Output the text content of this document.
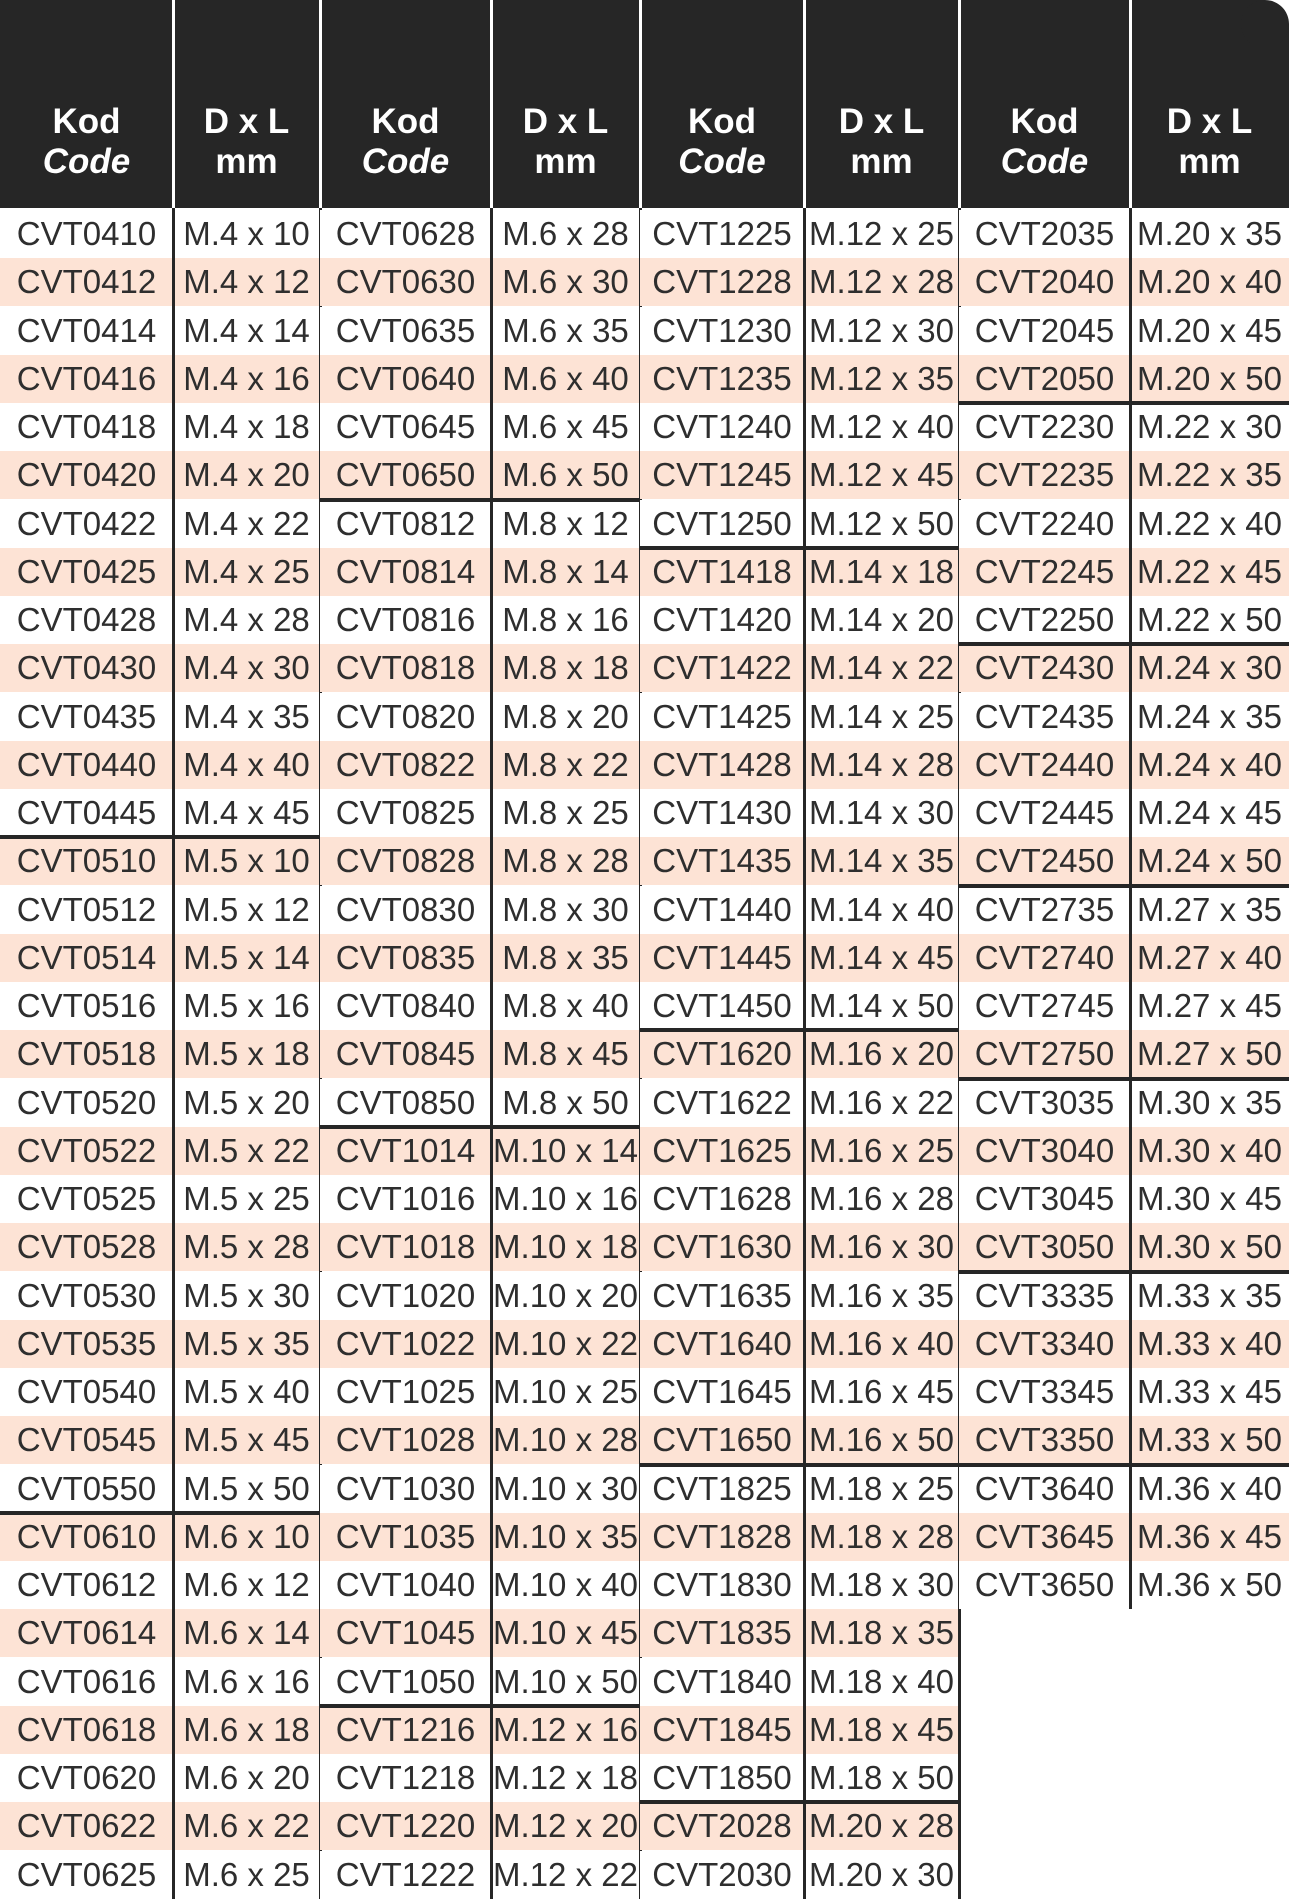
Kod
Code
D x L
mm
Kod
Code
D x L
mm
Kod
Code
D x L
mm
Kod
Code
D x L
mm
CVT0410 M.4 x 10
CVT0412 M.4 x 12
CVT0414 M.4 x 14
CVT0416 M.4 x 16
CVT0418 M.4 x 18
CVT0420 M.4 x 20
CVT0422 M.4 x 22
CVT0425 M.4 x 25
CVT0428 M.4 x 28
CVT0430 M.4 x 30
CVT0435 M.4 x 35
CVT0440 M.4 x 40
CVT0445 M.4 x 45
CVT0510 M.5 x 10
CVT0512 M.5 x 12
CVT0514 M.5 x 14
CVT0516 M.5 x 16
CVT0518 M.5 x 18
CVT0520 M.5 x 20
CVT0522 M.5 x 22
CVT0525 M.5 x 25
CVT0528 M.5 x 28
CVT0530 M.5 x 30
CVT0535 M.5 x 35
CVT0540 M.5 x 40
CVT0545 M.5 x 45
CVT0550 M.5 x 50
CVT0610 M.6 x 10
CVT0612 M.6 x 12
CVT0614 M.6 x 14
CVT0616 M.6 x 16
CVT0618 M.6 x 18
CVT0620 M.6 x 20
CVT0622 M.6 x 22
CVT0625 M.6 x 25
CVT0628 M.6 x 28
CVT0630 M.6 x 30
CVT0635 M.6 x 35
CVT0640 M.6 x 40
CVT0645 M.6 x 45
CVT0650 M.6 x 50
CVT0812 M.8 x 12
CVT0814 M.8 x 14
CVT0816 M.8 x 16
CVT0818 M.8 x 18
CVT0820 M.8 x 20
CVT0822 M.8 x 22
CVT0825 M.8 x 25
CVT0828 M.8 x 28
CVT0830 M.8 x 30
CVT0835 M.8 x 35
CVT0840 M.8 x 40
CVT0845 M.8 x 45
CVT0850 M.8 x 50
CVT1014 M.10 x 14
CVT1016 M.10 x 16
CVT1018 M.10 x 18
CVT1020 M.10 x 20
CVT1022 M.10 x 22
CVT1025 M.10 x 25
CVT1028 M.10 x 28
CVT1030 M.10 x 30
CVT1035 M.10 x 35
CVT1040 M.10 x 40
CVT1045 M.10 x 45
CVT1050 M.10 x 50
CVT1216 M.12 x 16
CVT1218 M.12 x 18
CVT1220 M.12 x 20
CVT1222 M.12 x 22
CVT1225 M.12 x 25
CVT1228 M.12 x 28
CVT1230 M.12 x 30
CVT1235 M.12 x 35
CVT1240 M.12 x 40
CVT1245 M.12 x 45
CVT1250 M.12 x 50
CVT1418 M.14 x 18
CVT1420 M.14 x 20
CVT1422 M.14 x 22
CVT1425 M.14 x 25
CVT1428 M.14 x 28
CVT1430 M.14 x 30
CVT1435 M.14 x 35
CVT1440 M.14 x 40
CVT1445 M.14 x 45
CVT1450 M.14 x 50
CVT1620 M.16 x 20
CVT1622 M.16 x 22
CVT1625 M.16 x 25
CVT1628 M.16 x 28
CVT1630 M.16 x 30
CVT1635 M.16 x 35
CVT1640 M.16 x 40
CVT1645 M.16 x 45
CVT1650 M.16 x 50
CVT1825 M.18 x 25
CVT1828 M.18 x 28
CVT1830 M.18 x 30
CVT1835 M.18 x 35
CVT1840 M.18 x 40
CVT1845 M.18 x 45
CVT1850 M.18 x 50
CVT2028 M.20 x 28
CVT2030 M.20 x 30
CVT2035 M.20 x 35
CVT2040 M.20 x 40
CVT2045 M.20 x 45
CVT2050 M.20 x 50
CVT2230 M.22 x 30
CVT2235 M.22 x 35
CVT2240 M.22 x 40
CVT2245 M.22 x 45
CVT2250 M.22 x 50
CVT2430 M.24 x 30
CVT2435 M.24 x 35
CVT2440 M.24 x 40
CVT2445 M.24 x 45
CVT2450 M.24 x 50
CVT2735 M.27 x 35
CVT2740 M.27 x 40
CVT2745 M.27 x 45
CVT2750 M.27 x 50
CVT3035 M.30 x 35
CVT3040 M.30 x 40
CVT3045 M.30 x 45
CVT3050 M.30 x 50
CVT3335 M.33 x 35
CVT3340 M.33 x 40
CVT3345 M.33 x 45
CVT3350 M.33 x 50
CVT3640 M.36 x 40
CVT3645 M.36 x 45
CVT3650 M.36 x 50
